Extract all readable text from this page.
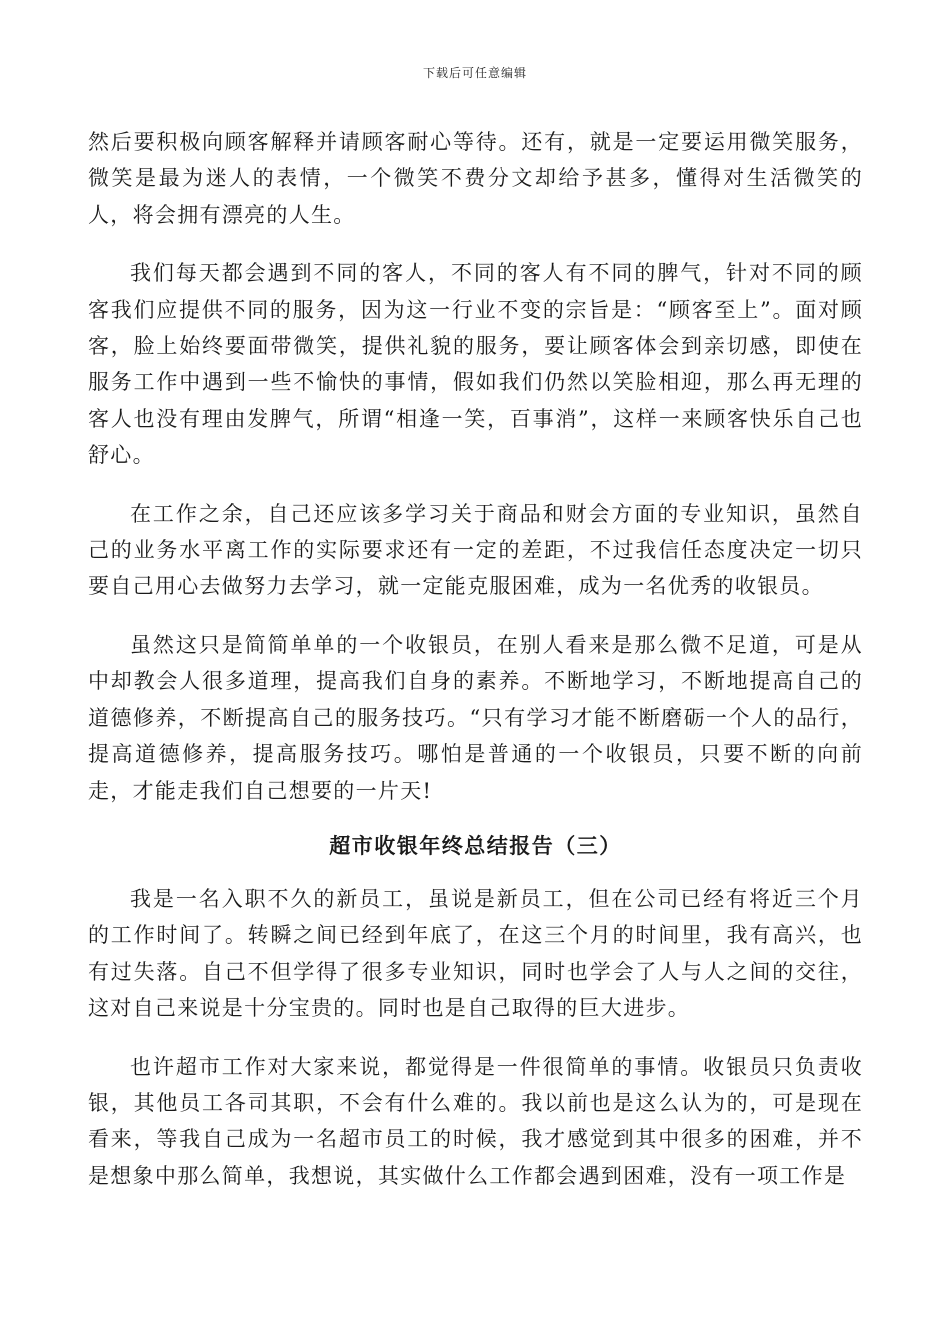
下载后可任意编辑

然后要积极向顾客解释并请顾客耐心等待。还有，就是一定要运用微笑服务，微笑是最为迷人的表情，一个微笑不费分文却给予甚多，懂得对生活微笑的人，将会拥有漂亮的人生。

我们每天都会遇到不同的客人，不同的客人有不同的脾气，针对不同的顾客我们应提供不同的服务，因为这一行业不变的宗旨是：“顾客至上”。面对顾客，脸上始终要面带微笑，提供礼貌的服务，要让顾客体会到亲切感，即使在服务工作中遇到一些不愉快的事情，假如我们仍然以笑脸相迎，那么再无理的客人也没有理由发脾气，所谓“相逢一笑，百事消”，这样一来顾客快乐自己也舒心。

在工作之余，自己还应该多学习关于商品和财会方面的专业知识，虽然自己的业务水平离工作的实际要求还有一定的差距，不过我信任态度决定一切只要自己用心去做努力去学习，就一定能克服困难，成为一名优秀的收银员。

虽然这只是简简单单的一个收银员，在别人看来是那么微不足道，可是从中却教会人很多道理，提高我们自身的素养。不断地学习，不断地提高自己的道德修养，不断提高自己的服务技巧。“只有学习才能不断磨砺一个人的品行，提高道德修养，提高服务技巧。哪怕是普通的一个收银员，只要不断的向前走，才能走我们自己想要的一片天!

超市收银年终总结报告（三）

我是一名入职不久的新员工，虽说是新员工，但在公司已经有将近三个月的工作时间了。转瞬之间已经到年底了，在这三个月的时间里，我有高兴，也有过失落。自己不但学得了很多专业知识，同时也学会了人与人之间的交往，这对自己来说是十分宝贵的。同时也是自己取得的巨大进步。

也许超市工作对大家来说，都觉得是一件很简单的事情。收银员只负责收银，其他员工各司其职，不会有什么难的。我以前也是这么认为的，可是现在看来，等我自己成为一名超市员工的时候，我才感觉到其中很多的困难，并不是想象中那么简单，我想说，其实做什么工作都会遇到困难，没有一项工作是
